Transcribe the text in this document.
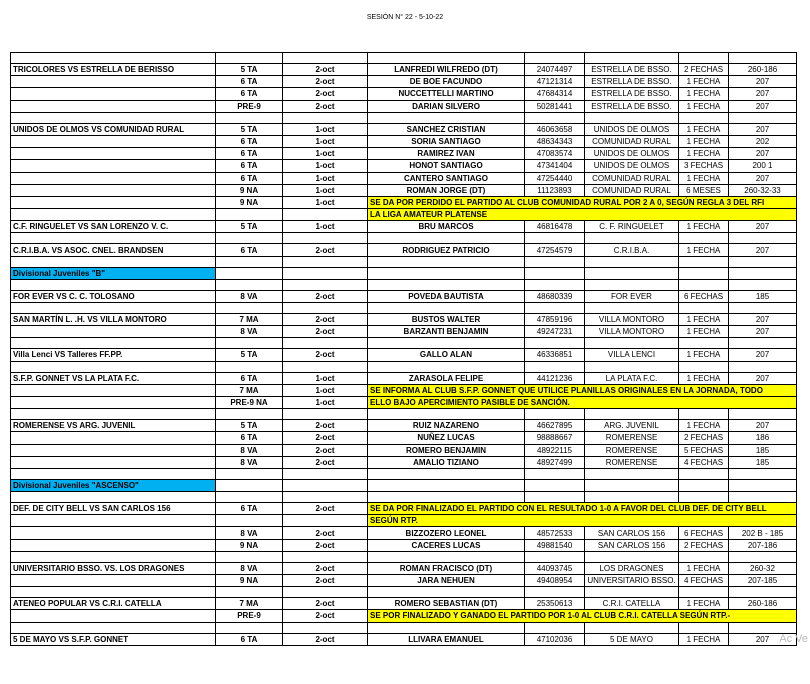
SESIÓN N° 22 - 5-10-22

TRICOLORES VS ESTRELLA DE BERISSO	5 TA	2-oct	LANFREDI WILFREDO (DT)	24074497	ESTRELLA DE BSSO.	2 FECHAS	260-186
	6 TA	2-oct	DE BOE FACUNDO	47121314	ESTRELLA DE BSSO.	1 FECHA	207
	6 TA	2-oct	NUCCETTELLI MARTINO	47684314	ESTRELLA DE BSSO.	1 FECHA	207
	PRE-9	2-oct	DARIAN SILVERO	50281441	ESTRELLA DE BSSO.	1 FECHA	207

UNIDOS DE OLMOS VS COMUNIDAD RURAL	5 TA	1-oct	SANCHEZ CRISTIAN	46063658	UNIDOS DE OLMOS	1 FECHA	207
	6 TA	1-oct	SORIA SANTIAGO	48634343	COMUNIDAD RURAL	1 FECHA	202
	6 TA	1-oct	RAMIREZ IVAN	47083574	UNIDOS DE OLMOS	1 FECHA	207
	6 TA	1-oct	HONOT SANTIAGO	47341404	UNIDOS DE OLMOS	3 FECHAS	200 1
	6 TA	1-oct	CANTERO SANTIAGO	47254440	COMUNIDAD RURAL	1 FECHA	207
	9 NA	1-oct	ROMAN JORGE (DT)	11123893	COMUNIDAD RURAL	6 MESES	260-32-33
	9 NA	1-oct	SE DA POR PERDIDO EL PARTIDO AL CLUB COMUNIDAD RURAL POR 2 A 0, SEGÚN REGLA 3 DEL RFI				
			LA LIGA AMATEUR PLATENSE				
C.F. RINGUELET VS SAN LORENZO V. C.	5 TA	1-oct	BRU MARCOS	46816478	C. F. RINGUELET	1 FECHA	207

C.R.I.B.A. VS ASOC. CNEL. BRANDSEN	6 TA	2-oct	RODRIGUEZ PATRICIO	47254579	C.R.I.B.A.	1 FECHA	207

Divisional Juveniles "B"							

FOR EVER VS C. C. TOLOSANO	8 VA	2-oct	POVEDA BAUTISTA	48680339	FOR EVER	6 FECHAS	185

SAN MARTÍN L. .H. VS VILLA MONTORO	7 MA	2-oct	BUSTOS WALTER	47859196	VILLA MONTORO	1 FECHA	207
	8 VA	2-oct	BARZANTI BENJAMIN	49247231	VILLA MONTORO	1 FECHA	207

Villa Lenci VS Talleres FF.PP.	5 TA	2-oct	GALLO ALAN	46336851	VILLA LENCI	1 FECHA	207

S.F.P. GONNET VS LA PLATA F.C.	6 TA	1-oct	ZARASOLA FELIPE	44121236	LA PLATA F.C.	1 FECHA	207
	7 MA	1-oct	SE INFORMA AL CLUB S.F.P. GONNET QUE UTILICE PLANILLAS ORIGINALES EN LA JORNADA, TODO				
	PRE-9 NA	1-oct	ELLO BAJO APERCIMIENTO PASIBLE DE SANCIÓN.				

ROMERENSE VS ARG. JUVENIL	5 TA	2-oct	RUIZ NAZARENO	46627895	ARG. JUVENIL	1 FECHA	207
	6 TA	2-oct	NUÑEZ LUCAS	98888667	ROMERENSE	2 FECHAS	186
	8 VA	2-oct	ROMERO BENJAMIN	48922115	ROMERENSE	5 FECHAS	185
	8 VA	2-oct	AMALIO TIZIANO	48927499	ROMERENSE	4 FECHAS	185

Divisional Juveniles "ASCENSO"							

DEF. DE CITY BELL VS SAN CARLOS 156	6 TA	2-oct	SE DA POR FINALIZADO EL PARTIDO CON EL RESULTADO 1-0 A FAVOR DEL CLUB DEF. DE CITY BELL				
			SEGÚN RTP.				
	8 VA	2-oct	BIZZOZERO LEONEL	48572533	SAN CARLOS 156	6 FECHAS	202 B - 185
	9 NA	2-oct	CACERES LUCAS	49881540	SAN CARLOS 156	2 FECHAS	207-186

UNIVERSITARIO BSSO. VS. LOS DRAGONES	8 VA	2-oct	ROMAN FRACISCO (DT)	44093745	LOS DRAGONES	1 FECHA	260-32
	9 NA	2-oct	JARA NEHUEN	49408954	UNIVERSITARIO BSSO.	4 FECHAS	207-185

ATENEO POPULAR VS C.R.I. CATELLA	7 MA	2-oct	ROMERO SEBASTIAN (DT)	25350613	C.R.I. CATELLA	1 FECHA	260-186
	PRE-9	2-oct	SE POR FINALIZADO Y GANADO EL PARTIDO POR 1-0 AL CLUB C.R.I. CATELLA SEGÚN RTP.-				

5 DE MAYO VS S.F.P. GONNET	6 TA	2-oct	LLIVARA EMANUEL	47102036	5 DE MAYO	1 FECHA	207 Ac Ve
